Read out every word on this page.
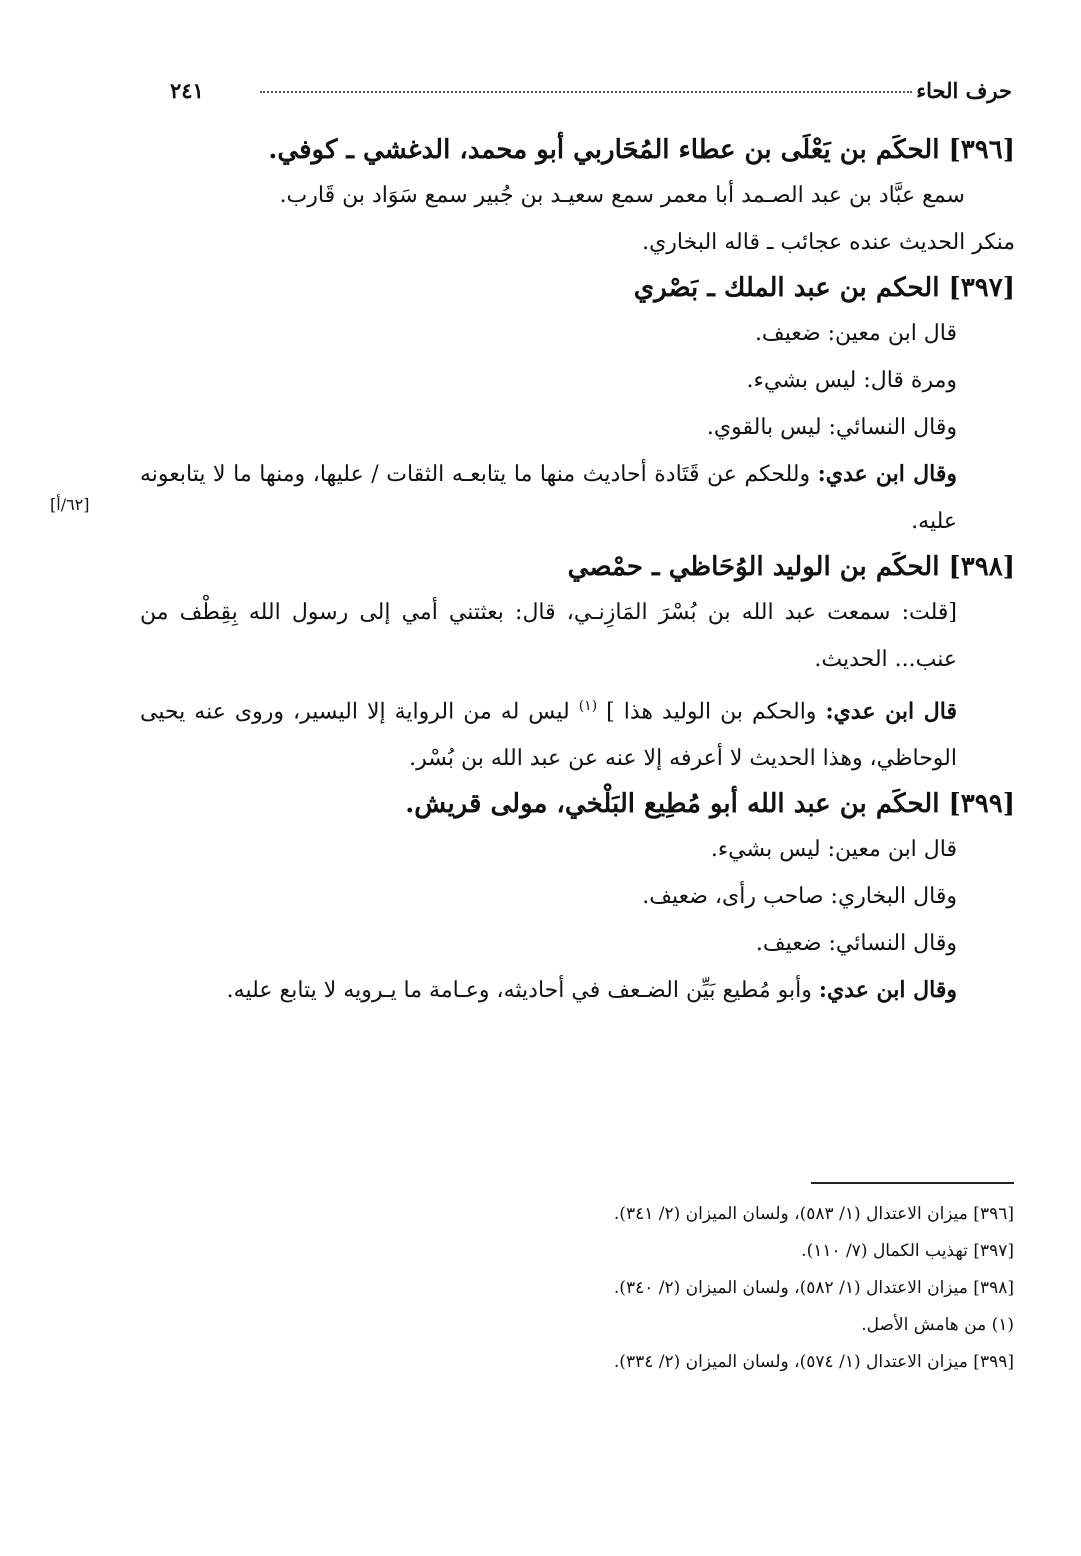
حرف الحاء
٢٤١
[٦٢/أ]

[٣٩٦] الحكَم بن يَعْلَى بن عطاء المُحَاربي أبو محمد، الدغشي ـ كوفي.

سمع عبَّاد بن عبد الصـمد أبا معمر سمع سعيـد بن جُبير سمع سَوَاد بن قَارب.

منكر الحديث عنده عجائب ـ قاله البخاري.

[٣٩٧] الحكم بن عبد الملك ـ بَصْري

قال ابن معين: ضعيف.

ومرة قال: ليس بشيء.

وقال النسائي: ليس بالقوي.

وقال ابن عدي: وللحكم عن قَتَادة أحاديث منها ما يتابعـه الثقات / عليها، ومنها ما لا يتابعونه عليه.

[٣٩٨] الحكَم بن الوليد الوُحَاظي ـ حمْصي

[قلت: سمعت عبد الله بن بُسْرَ المَازِنـي، قال: بعثتني أمي إلى رسول الله بِقِطْف من عنب... الحديث.

قال ابن عدي: والحكم بن الوليد هذا ] $^{(١)}$ ليس له من الرواية إلا اليسير، وروى عنه يحيى الوحاظي، وهذا الحديث لا أعرفه إلا عنه عن عبد الله بن بُسْر.

[٣٩٩] الحكَم بن عبد الله أبو مُطِيع البَلْخي، مولى قريش.

قال ابن معين: ليس بشيء.

وقال البخاري: صاحب رأى، ضعيف.

وقال النسائي: ضعيف.

وقال ابن عدي: وأبو مُطيع بَيِّن الضـعف في أحاديثه، وعـامة ما يـرويه لا يتابع عليه.

[٣٩٦] ميزان الاعتدال (١/ ٥٨٣)، ولسان الميزان (٢/ ٣٤١).

[٣٩٧] تهذيب الكمال (٧/ ١١٠).

[٣٩٨] ميزان الاعتدال (١/ ٥٨٢)، ولسان الميزان (٢/ ٣٤٠).

(١) من هامش الأصل.

[٣٩٩] ميزان الاعتدال (١/ ٥٧٤)، ولسان الميزان (٢/ ٣٣٤).
